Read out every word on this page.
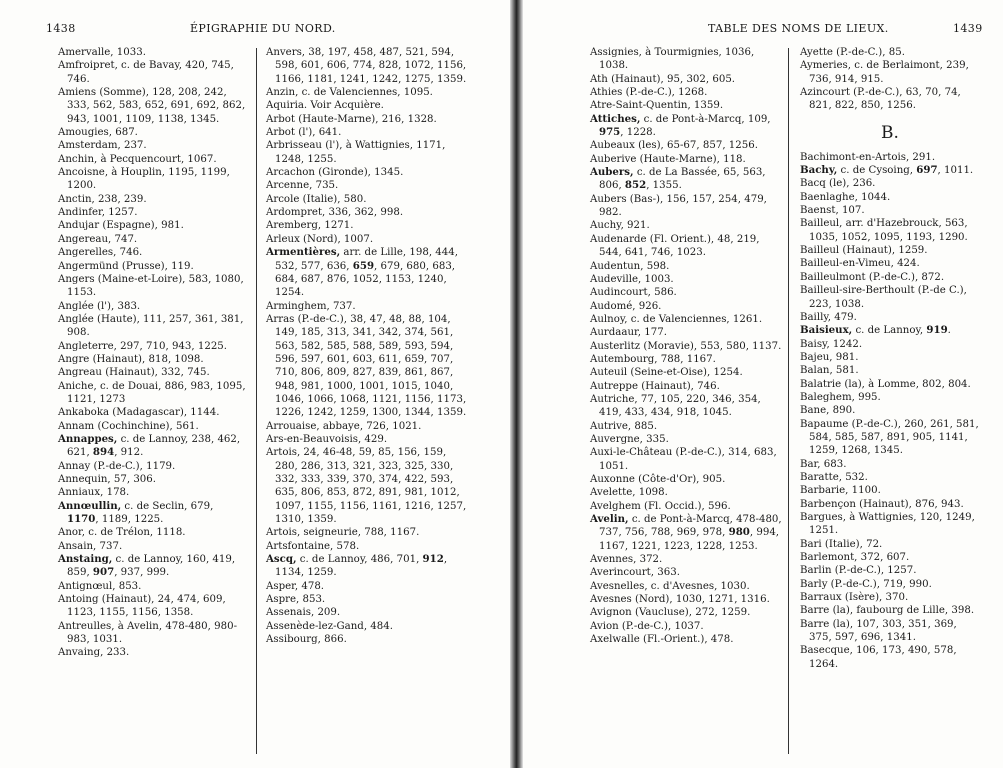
1438	ÉPIGRAPHIE DU NORD.

Amervalle, 1033.

Amfroipret, c. de Bavay, 420, 745, 746.

Amiens (Somme), 128, 208, 242, 333, 562, 583, 652, 691, 692, 862, 943, 1001, 1109, 1138, 1345.

Amougies, 687.

Amsterdam, 237.

Anchin, à Pecquencourt, 1067.

Ancoisne, à Houplin, 1195, 1199, 1200.

Anctin, 238, 239.

Andinfer, 1257.

Andujar (Espagne), 981.

Angereau, 747.

Angerelles, 746.

Angermünd (Prusse), 119.

Angers (Maine-et-Loire), 583, 1080, 1153.

Anglée (l'), 383.

Anglée (Haute), 111, 257, 361, 381, 908.

Angleterre, 297, 710, 943, 1225.

Angre (Hainaut), 818, 1098.

Angreau (Hainaut), 332, 745.

Aniche, c. de Douai, 886, 983, 1095, 1121, 1273

Ankaboka (Madagascar), 1144.

Annam (Cochinchine), 561.

Annappes, c. de Lannoy, 238, 462, 621, 894, 912.

Annay (P.-de-C.), 1179.

Annequin, 57, 306.

Anniaux, 178.

Annœullin, c. de Seclin, 679, 1170, 1189, 1225.

Anor, c. de Trélon, 1118.

Ansain, 737.

Anstaing, c. de Lannoy, 160, 419, 859, 907, 937, 999.

Antignœul, 853.

Antoing (Hainaut), 24, 474, 609, 1123, 1155, 1156, 1358.

Antreulles, à Avelin, 478-480, 980-983, 1031.

Anvaing, 233.

Anvers, 38, 197, 458, 487, 521, 594, 598, 601, 606, 774, 828, 1072, 1156, 1166, 1181, 1241, 1242, 1275, 1359.

Anzin, c. de Valenciennes, 1095.

Aquiria. Voir Acquière.

Arbot (Haute-Marne), 216, 1328.

Arbot (l'), 641.

Arbrisseau (l'), à Wattignies, 1171, 1248, 1255.

Arcachon (Gironde), 1345.

Arcenne, 735.

Arcole (Italie), 580.

Ardompret, 336, 362, 998.

Aremberg, 1271.

Arleux (Nord), 1007.

Armentières, arr. de Lille, 198, 444, 532, 577, 636, 659, 679, 680, 683, 684, 687, 876, 1052, 1153, 1240, 1254.

Arminghem, 737.

Arras (P.-de-C.), 38, 47, 48, 88, 104, 149, 185, 313, 341, 342, 374, 561, 563, 582, 585, 588, 589, 593, 594, 596, 597, 601, 603, 611, 659, 707, 710, 806, 809, 827, 839, 861, 867, 948, 981, 1000, 1001, 1015, 1040, 1046, 1066, 1068, 1121, 1156, 1173, 1226, 1242, 1259, 1300, 1344, 1359.

Arrouaise, abbaye, 726, 1021.

Ars-en-Beauvoisis, 429.

Artois, 24, 46-48, 59, 85, 156, 159, 280, 286, 313, 321, 323, 325, 330, 332, 333, 339, 370, 374, 422, 593, 635, 806, 853, 872, 891, 981, 1012, 1097, 1155, 1156, 1161, 1216, 1257, 1310, 1359.

Artois, seigneurie, 788, 1167.

Artsfontaine, 578.

Ascq, c. de Lannoy, 486, 701, 912, 1134, 1259.

Asper, 478.

Aspre, 853.

Assenais, 209.

Assenède-lez-Gand, 484.

Assibourg, 866.

TABLE DES NOMS DE LIEUX.	1439

Assignies, à Tourmignies, 1036, 1038.

Ath (Hainaut), 95, 302, 605.

Athies (P.-de-C.), 1268.

Atre-Saint-Quentin, 1359.

Attiches, c. de Pont-à-Marcq, 109, 975, 1228.

Aubeaux (les), 65-67, 857, 1256.

Auberive (Haute-Marne), 118.

Aubers, c. de La Bassée, 65, 563, 806, 852, 1355.

Aubers (Bas-), 156, 157, 254, 479, 982.

Auchy, 921.

Audenarde (Fl. Orient.), 48, 219, 544, 641, 746, 1023.

Audentun, 598.

Audeville, 1003.

Audincourt, 586.

Audomé, 926.

Aulnoy, c. de Valenciennes, 1261.

Aurdaaur, 177.

Austerlitz (Moravie), 553, 580, 1137.

Autembourg, 788, 1167.

Auteuil (Seine-et-Oise), 1254.

Autreppe (Hainaut), 746.

Autriche, 77, 105, 220, 346, 354, 419, 433, 434, 918, 1045.

Autrive, 885.

Auvergne, 335.

Auxi-le-Château (P.-de-C.), 314, 683, 1051.

Auxonne (Côte-d'Or), 905.

Avelette, 1098.

Avelghem (Fl. Occid.), 596.

Avelin, c. de Pont-à-Marcq, 478-480, 737, 756, 788, 969, 978, 980, 994, 1167, 1221, 1223, 1228, 1253.

Avennes, 372.

Averincourt, 363.

Avesnelles, c. d'Avesnes, 1030.

Avesnes (Nord), 1030, 1271, 1316.

Avignon (Vaucluse), 272, 1259.

Avion (P.-de-C.), 1037.

Axelwalle (Fl.-Orient.), 478.

Ayette (P.-de-C.), 85.

Aymeries, c. de Berlaimont, 239, 736, 914, 915.

Azincourt (P.-de-C.), 63, 70, 74, 821, 822, 850, 1256.

B.

Bachimont-en-Artois, 291.

Bachy, c. de Cysoing, 697, 1011.

Bacq (le), 236.

Baenlaghe, 1044.

Baenst, 107.

Bailleul, arr. d'Hazebrouck, 563, 1035, 1052, 1095, 1193, 1290.

Bailleul (Hainaut), 1259.

Bailleul-en-Vimeu, 424.

Bailleulmont (P.-de-C.), 872.

Bailleul-sire-Berthoult (P.-de C.), 223, 1038.

Bailly, 479.

Baisieux, c. de Lannoy, 919.

Baisy, 1242.

Bajeu, 981.

Balan, 581.

Balatrie (la), à Lomme, 802, 804.

Baleghem, 995.

Bane, 890.

Bapaume (P.-de-C.), 260, 261, 581, 584, 585, 587, 891, 905, 1141, 1259, 1268, 1345.

Bar, 683.

Baratte, 532.

Barbarie, 1100.

Barbençon (Hainaut), 876, 943.

Bargues, à Wattignies, 120, 1249, 1251.

Bari (Italie), 72.

Barlemont, 372, 607.

Barlin (P.-de-C.), 1257.

Barly (P.-de-C.), 719, 990.

Barraux (Isère), 370.

Barre (la), faubourg de Lille, 398.

Barre (la), 107, 303, 351, 369, 375, 597, 696, 1341.

Basecque, 106, 173, 490, 578, 1264.
